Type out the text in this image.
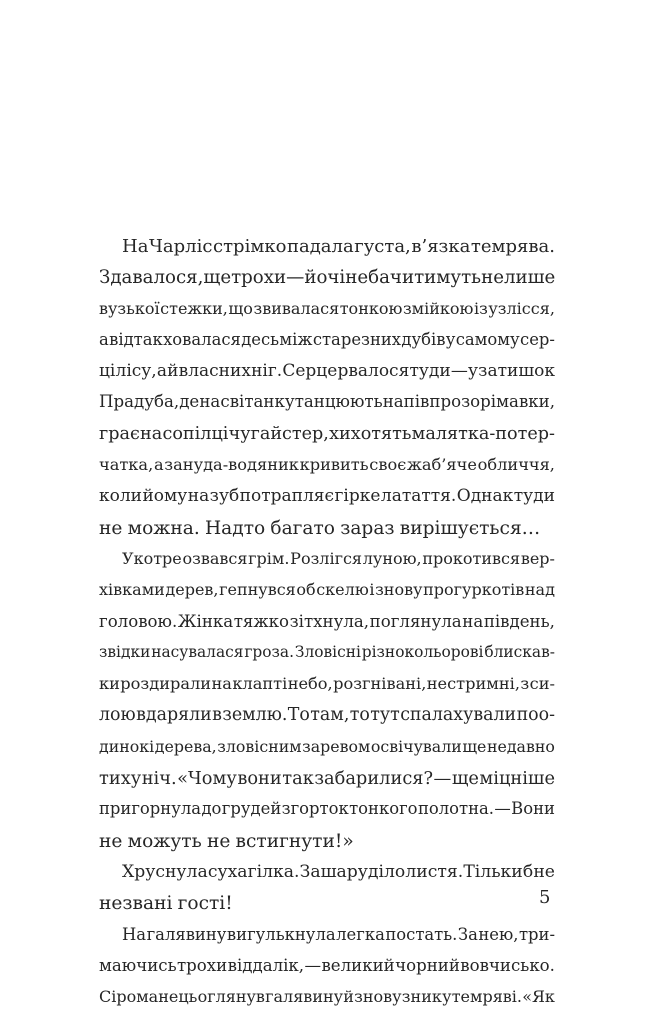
На Чарліс стрімко падала густа, в’язка темрява.
Здавалося, ще трохи — й очі не бачитимуть не лише
вузької стежки, що звивалася тонкою змійкою із узлісся,
а відтак ховалася десь між старезних дубів у самому сер-
ці лісу, а й власних ніг. Серце рвалося туди — у затишок
Прадуба, де на світанку танцюють напівпрозорі мавки,
грає на сопілці чугайстер, хихотять малятка-потер-
чатка, а зануда-водяник кривить своє жаб’яче обличчя,
коли йому на зуб потрапляє гірке латаття. Однак туди
не можна. Надто багато зараз вирішується…
Укотре озвався грім. Розлігся луною, прокотився вер-
хівками дерев, гепнувся об скелю і знову прогуркотів над
головою. Жінка тяжко зітхнула, поглянула на південь,
звідки насувалася гроза. Зловісні різнокольорові блискав-
ки роздирали на клапті небо, розгнівані, нестримні, з си-
лою вдаряли в землю. То там, то тут спалахували поо-
динокі дерева, зловісним заревом освічували ще недавно
тиху ніч. «Чому вони так забарилися? — ще міцніше
пригорнула до грудей згорток тонкого полотна. — Вони
не можуть не встигнути!»
Хруснула суха гілка. Зашаруділо листя. Тільки б не
незвані гості!
На галявину вигулькнула легка постать. За нею, три-
маючись трохи віддалік, — великий чорний вовчисько.
Сіроманець оглянув галявину й знову зник у темряві. «Як
5
